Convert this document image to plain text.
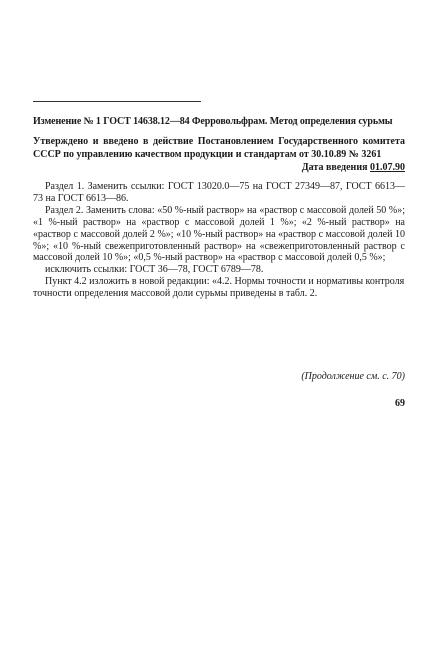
Изменение № 1 ГОСТ 14638.12—84 Ферровольфрам. Метод определения сурьмы
Утверждено и введено в действие Постановлением Государственного комитета СССР по управлению качеством продукции и стандартам от 30.10.89 № 3261
Дата введения 01.07.90

Раздел 1. Заменить ссылки: ГОСТ 13020.0—75 на ГОСТ 27349—87, ГОСТ 6613—73 на ГОСТ 6613—86.

Раздел 2. Заменить слова: «50 %-ный раствор» на «раствор с массовой долей 50 %»; «1 %-ный раствор» на «раствор с массовой долей 1 %»; «2 %-ный раствор» на «раствор с массовой долей 2 %»; «10 %-ный раствор» на «раствор с массовой долей 10 %»; «10 %-ный свежеприготовленный раствор» на «свежеприготовленный раствор с массовой долей 10 %»; «0,5 %-ный раствор» на «раствор с массовой долей 0,5 %»;

исключить ссылки: ГОСТ 36—78, ГОСТ 6789—78.

Пункт 4.2 изложить в новой редакции: «4.2. Нормы точности и нормативы контроля точности определения массовой доли сурьмы приведены в табл. 2.

(Продолжение см. с. 70)
69
